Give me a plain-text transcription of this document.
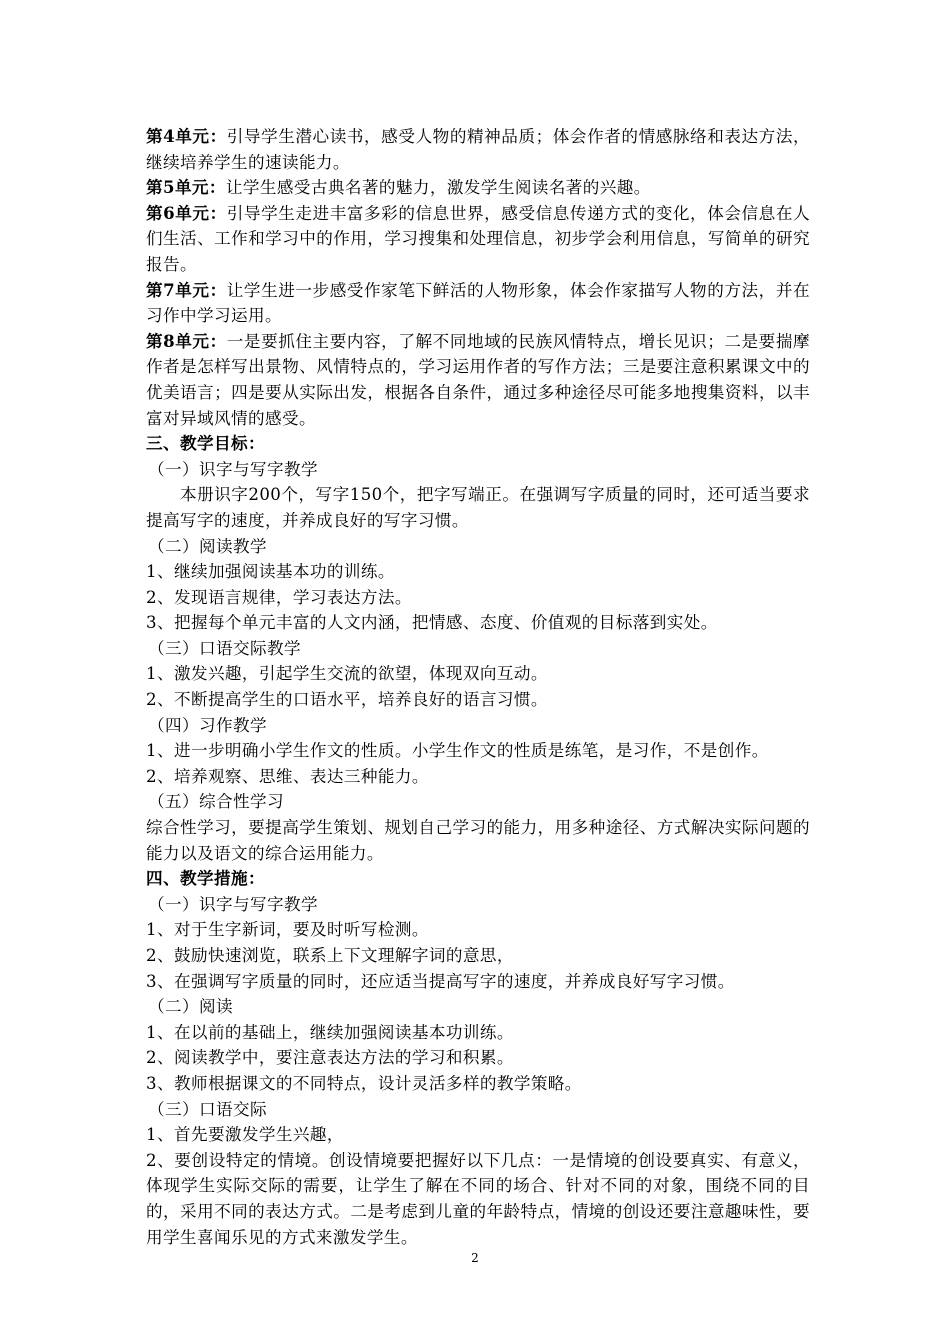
第4单元：引导学生潜心读书，感受人物的精神品质；体会作者的情感脉络和表达方法，继续培养学生的速读能力。

第5单元：让学生感受古典名著的魅力，激发学生阅读名著的兴趣。

第6单元：引导学生走进丰富多彩的信息世界，感受信息传递方式的变化，体会信息在人们生活、工作和学习中的作用，学习搜集和处理信息，初步学会利用信息，写简单的研究报告。

第7单元：让学生进一步感受作家笔下鲜活的人物形象，体会作家描写人物的方法，并在习作中学习运用。

第8单元：一是要抓住主要内容，了解不同地域的民族风情特点，增长见识；二是要揣摩作者是怎样写出景物、风情特点的，学习运用作者的写作方法；三是要注意积累课文中的优美语言；四是要从实际出发，根据各自条件，通过多种途径尽可能多地搜集资料，以丰富对异域风情的感受。

三、教学目标：

（一）识字与写字教学

本册识字200个，写字150个，把字写端正。在强调写字质量的同时，还可适当要求提高写字的速度，并养成良好的写字习惯。

（二）阅读教学

1、继续加强阅读基本功的训练。

2、发现语言规律，学习表达方法。

3、把握每个单元丰富的人文内涵，把情感、态度、价值观的目标落到实处。

（三）口语交际教学

1、激发兴趣，引起学生交流的欲望，体现双向互动。

2、不断提高学生的口语水平，培养良好的语言习惯。

（四）习作教学

1、进一步明确小学生作文的性质。小学生作文的性质是练笔，是习作，不是创作。

2、培养观察、思维、表达三种能力。

（五）综合性学习

综合性学习，要提高学生策划、规划自己学习的能力，用多种途径、方式解决实际问题的能力以及语文的综合运用能力。

四、教学措施：

（一）识字与写字教学

1、对于生字新词，要及时听写检测。

2、鼓励快速浏览，联系上下文理解字词的意思，

3、在强调写字质量的同时，还应适当提高写字的速度，并养成良好写字习惯。

（二）阅读

1、在以前的基础上，继续加强阅读基本功训练。

2、阅读教学中，要注意表达方法的学习和积累。

3、教师根据课文的不同特点，设计灵活多样的教学策略。

（三）口语交际

1、首先要激发学生兴趣，

2、要创设特定的情境。创设情境要把握好以下几点：一是情境的创设要真实、有意义，体现学生实际交际的需要，让学生了解在不同的场合、针对不同的对象，围绕不同的目的，采用不同的表达方式。二是考虑到儿童的年龄特点，情境的创设还要注意趣味性，要用学生喜闻乐见的方式来激发学生。

2
